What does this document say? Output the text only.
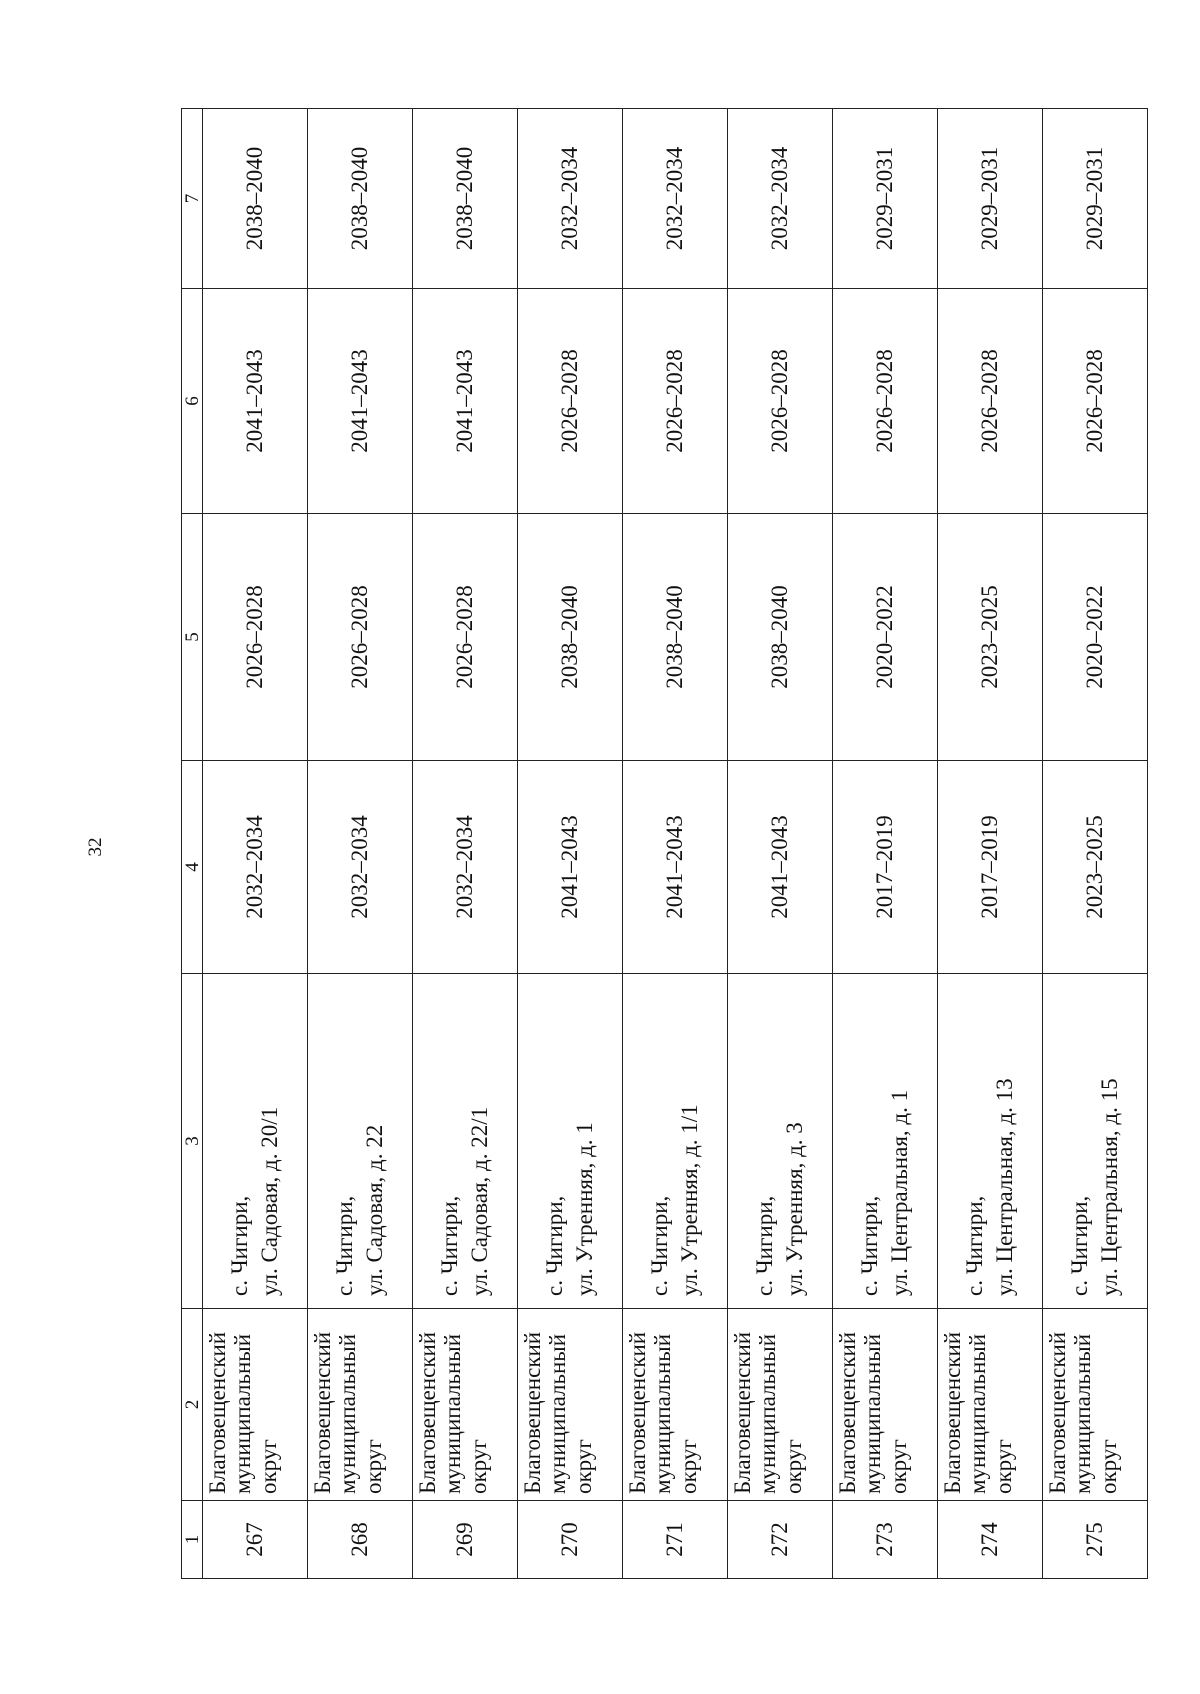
32
1	2	3	4	5	6	7
267	Благовещенский муниципальный округ	с. Чигири, ул. Садовая, д. 20/1	2032–2034	2026–2028	2041–2043	2038–2040
268	Благовещенский муниципальный округ	с. Чигири, ул. Садовая, д. 22	2032–2034	2026–2028	2041–2043	2038–2040
269	Благовещенский муниципальный округ	с. Чигири, ул. Садовая, д. 22/1	2032–2034	2026–2028	2041–2043	2038–2040
270	Благовещенский муниципальный округ	с. Чигири, ул. Утренняя, д. 1	2041–2043	2038–2040	2026–2028	2032–2034
271	Благовещенский муниципальный округ	с. Чигири, ул. Утренняя, д. 1/1	2041–2043	2038–2040	2026–2028	2032–2034
272	Благовещенский муниципальный округ	с. Чигири, ул. Утренняя, д. 3	2041–2043	2038–2040	2026–2028	2032–2034
273	Благовещенский муниципальный округ	с. Чигири, ул. Центральная, д. 1	2017–2019	2020–2022	2026–2028	2029–2031
274	Благовещенский муниципальный округ	с. Чигири, ул. Центральная, д. 13	2017–2019	2023–2025	2026–2028	2029–2031
275	Благовещенский муниципальный округ	с. Чигири, ул. Центральная, д. 15	2023–2025	2020–2022	2026–2028	2029–2031
